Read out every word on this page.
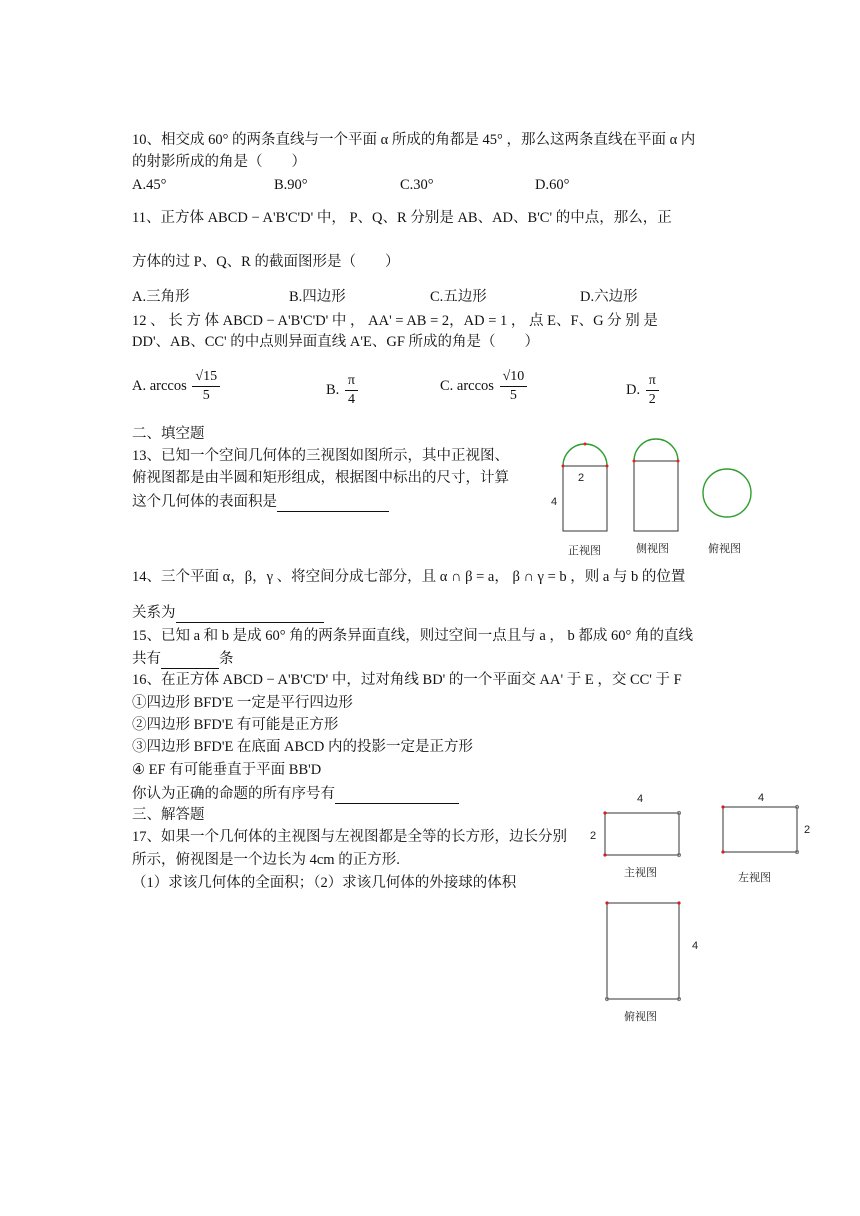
10、相交成 60° 的两条直线与一个平面 α 所成的角都是 45° ，那么这两条直线在平面 α 内
的射影所成的角是（　　）
A.45°	B.90°	C.30°	D.60°
11、正方体 ABCD − A'B'C'D' 中， P、Q、R 分别是 AB、AD、B'C' 的中点，那么，正
方体的过 P、Q、R 的截面图形是（　　）
A.三角形	B.四边形	C.五边形	D.六边形
12 、 长 方 体 ABCD − A'B'C'D' 中 ， AA' = AB = 2，AD = 1 ， 点 E、F、G 分 别 是
DD'、AB、CC' 的中点则异面直线 A'E、GF 所成的角是（　　）
A. $\arccos \frac{√15}{5}$	B. $\frac{\pi}{4}$	C. $\arccos \frac{√10}{5}$	D. $\frac{\pi}{2}$
二、填空题
13、已知一个空间几何体的三视图如图所示，其中正视图、
俯视图都是由半圆和矩形组成，根据图中标出的尺寸，计算
这个几何体的表面积是	4
2
正视图	侧视图	俯视图
14、三个平面 α，β，γ 、将空间分成七部分，且 α ∩ β = a， β ∩ γ = b ，则 a 与 b 的位置
关系为
15、已知 a 和 b 是成 60° 角的两条异面直线，则过空间一点且与 a ， b 都成 60° 角的直线
共有	条
16、在正方体 ABCD − A'B'C'D' 中，过对角线 BD' 的一个平面交 AA' 于 E ，交 CC' 于 F
①四边形 BFD'E 一定是平行四边形
②四边形 BFD'E 有可能是正方形
③四边形 BFD'E 在底面 ABCD 内的投影一定是正方形
④ EF 有可能垂直于平面 BB'D
你认为正确的命题的所有序号有
三、解答题
17、如果一个几何体的主视图与左视图都是全等的长方形，边长分别
所示，俯视图是一个边长为 4cm 的正方形.
（1）求该几何体的全面积；（2）求该几何体的外接球的体积
4
2
主视图
4
2
左视图
4
俯视图
